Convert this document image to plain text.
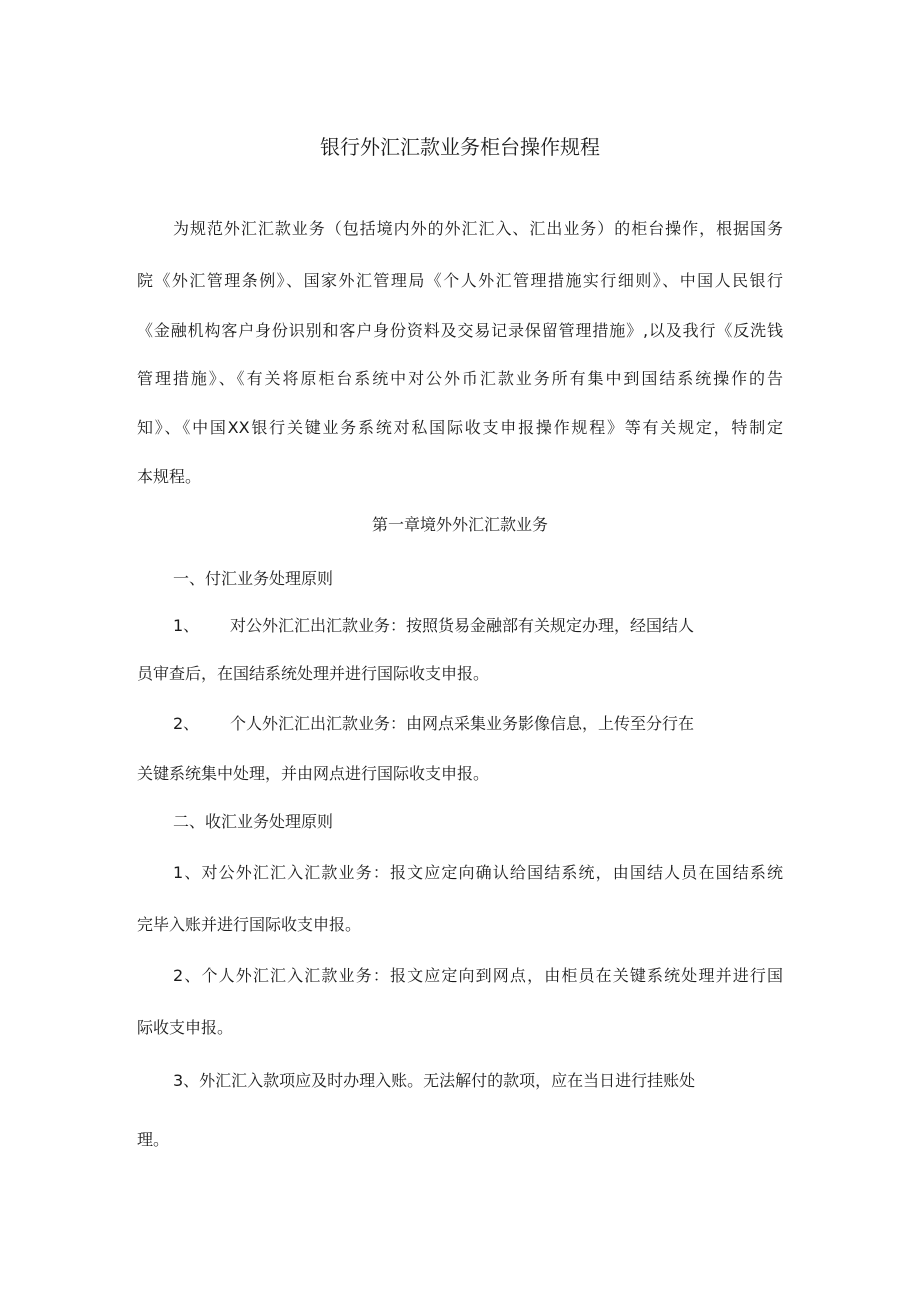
银行外汇汇款业务柜台操作规程
为规范外汇汇款业务（包括境内外的外汇汇入、汇出业务）的柜台操作，根据国务
院《外汇管理条例》、国家外汇管理局《个人外汇管理措施实行细则》、中国人民银行
《金融机构客户身份识别和客户身份资料及交易记录保留管理措施》,以及我行《反洗钱
管理措施》、《有关将原柜台系统中对公外币汇款业务所有集中到国结系统操作的告
知》、《中国XX银行关键业务系统对私国际收支申报操作规程》等有关规定，特制定
本规程。
第一章境外外汇汇款业务
一、付汇业务处理原则
1、 对公外汇汇出汇款业务：按照货易金融部有关规定办理，经国结人
员审查后，在国结系统处理并进行国际收支申报。
2、 个人外汇汇出汇款业务：由网点采集业务影像信息，上传至分行在
关键系统集中处理，并由网点进行国际收支申报。
二、收汇业务处理原则
1、对公外汇汇入汇款业务：报文应定向确认给国结系统，由国结人员在国结系统
完毕入账并进行国际收支申报。
2、个人外汇汇入汇款业务：报文应定向到网点，由柜员在关键系统处理并进行国
际收支申报。
3、外汇汇入款项应及时办理入账。无法解付的款项，应在当日进行挂账处
理。
